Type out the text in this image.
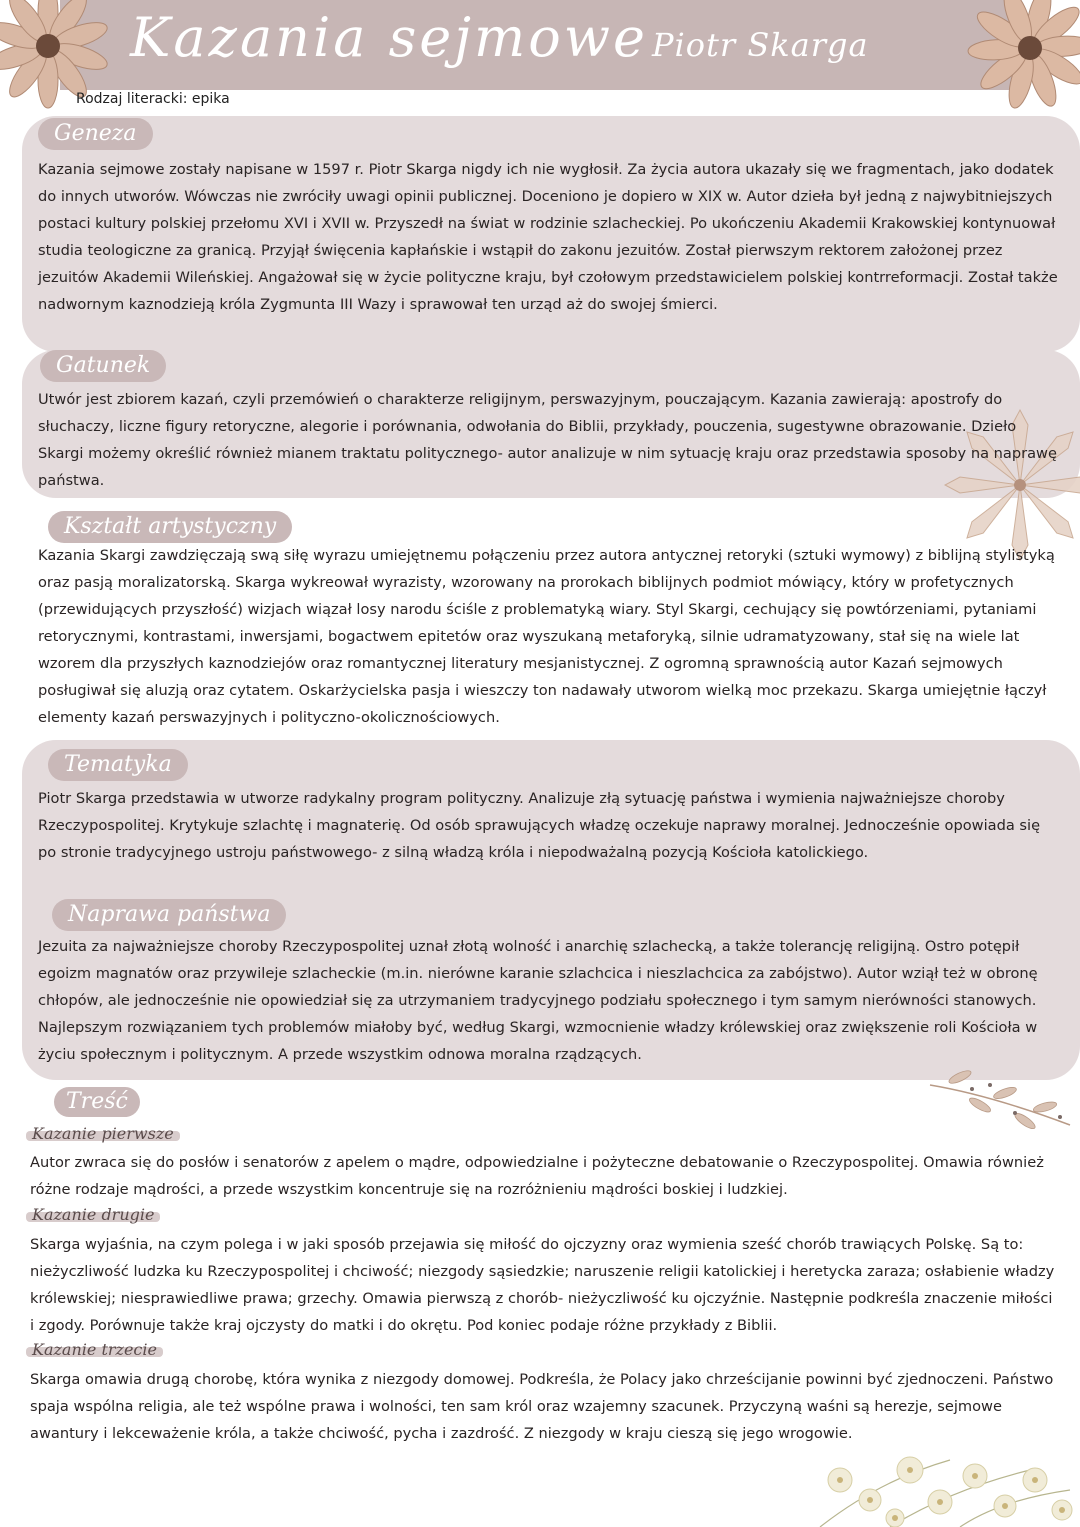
Kazania sejmowe Piotr Skarga
Rodzaj literacki: epika
Geneza
Kazania sejmowe zostały napisane w 1597 r. Piotr Skarga nigdy ich nie wygłosił. Za życia autora ukazały się we fragmentach, jako dodatek do innych utworów. Wówczas nie zwróciły uwagi opinii publicznej. Doceniono je dopiero w XIX w. Autor dzieła był jedną z najwybitniejszych postaci kultury polskiej przełomu XVI i XVII w. Przyszedł na świat w rodzinie szlacheckiej. Po ukończeniu Akademii Krakowskiej kontynuował studia teologiczne za granicą. Przyjął święcenia kapłańskie i wstąpił do zakonu jezuitów. Został pierwszym rektorem założonej przez jezuitów Akademii Wileńskiej. Angażował się w życie polityczne kraju, był czołowym przedstawicielem polskiej kontrreformacji. Został także nadwornym kaznodzieją króla Zygmunta III Wazy i sprawował ten urząd aż do swojej śmierci.
Gatunek
Utwór jest zbiorem kazań, czyli przemówień o charakterze religijnym, perswazyjnym, pouczającym. Kazania zawierają: apostrofy do słuchaczy, liczne figury retoryczne, alegorie i porównania, odwołania do Biblii, przykłady, pouczenia, sugestywne obrazowanie. Dzieło Skargi możemy określić również mianem traktatu politycznego- autor analizuje w nim sytuację kraju oraz przedstawia sposoby na naprawę państwa.
Kształt artystyczny
Kazania Skargi zawdzięczają swą siłę wyrazu umiejętnemu połączeniu przez autora antycznej retoryki (sztuki wymowy) z biblijną stylistyką oraz pasją moralizatorską. Skarga wykreował wyrazisty, wzorowany na prorokach biblijnych podmiot mówiący, który w profetycznych (przewidujących przyszłość) wizjach wiązał losy narodu ściśle z problematyką wiary. Styl Skargi, cechujący się powtórzeniami, pytaniami retorycznymi, kontrastami, inwersjami, bogactwem epitetów oraz wyszukaną metaforyką, silnie udramatyzowany, stał się na wiele lat wzorem dla przyszłych kaznodziejów oraz romantycznej literatury mesjanistycznej. Z ogromną sprawnością autor Kazań sejmowych posługiwał się aluzją oraz cytatem. Oskarżycielska pasja i wieszczy ton nadawały utworom wielką moc przekazu. Skarga umiejętnie łączył elementy kazań perswazyjnych i polityczno-okolicznościowych.
Tematyka
Piotr Skarga przedstawia w utworze radykalny program polityczny. Analizuje złą sytuację państwa i wymienia najważniejsze choroby Rzeczypospolitej. Krytykuje szlachtę i magnaterię. Od osób sprawujących władzę oczekuje naprawy moralnej. Jednocześnie opowiada się po stronie tradycyjnego ustroju państwowego- z silną władzą króla i niepodważalną pozycją Kościoła katolickiego.
Naprawa państwa
Jezuita za najważniejsze choroby Rzeczypospolitej uznał złotą wolność i anarchię szlachecką, a także tolerancję religijną. Ostro potępił egoizm magnatów oraz przywileje szlacheckie (m.in. nierówne karanie szlachcica i nieszlachcica za zabójstwo). Autor wziął też w obronę chłopów, ale jednocześnie nie opowiedział się za utrzymaniem tradycyjnego podziału społecznego i tym samym nierówności stanowych. Najlepszym rozwiązaniem tych problemów miałoby być, według Skargi, wzmocnienie władzy królewskiej oraz zwiększenie roli Kościoła w życiu społecznym i politycznym. A przede wszystkim odnowa moralna rządzących.
Treść
Kazanie pierwsze
Autor zwraca się do posłów i senatorów z apelem o mądre, odpowiedzialne i pożyteczne debatowanie o Rzeczypospolitej. Omawia również różne rodzaje mądrości, a przede wszystkim koncentruje się na rozróżnieniu mądrości boskiej i ludzkiej.
Kazanie drugie
Skarga wyjaśnia, na czym polega i w jaki sposób przejawia się miłość do ojczyzny oraz wymienia sześć chorób trawiących Polskę. Są to: nieżyczliwość ludzka ku Rzeczypospolitej i chciwość; niezgody sąsiedzkie; naruszenie religii katolickiej i heretycka zaraza; osłabienie władzy królewskiej; niesprawiedliwe prawa; grzechy. Omawia pierwszą z chorób- nieżyczliwość ku ojczyźnie. Następnie podkreśla znaczenie miłości i zgody. Porównuje także kraj ojczysty do matki i do okrętu. Pod koniec podaje różne przykłady z Biblii.
Kazanie trzecie
Skarga omawia drugą chorobę, która wynika z niezgody domowej. Podkreśla, że Polacy jako chrześcijanie powinni być zjednoczeni. Państwo spaja wspólna religia, ale też wspólne prawa i wolności, ten sam król oraz wzajemny szacunek. Przyczyną waśni są herezje, sejmowe awantury i lekceważenie króla, a także chciwość, pycha i zazdrość. Z niezgody w kraju cieszą się jego wrogowie.
